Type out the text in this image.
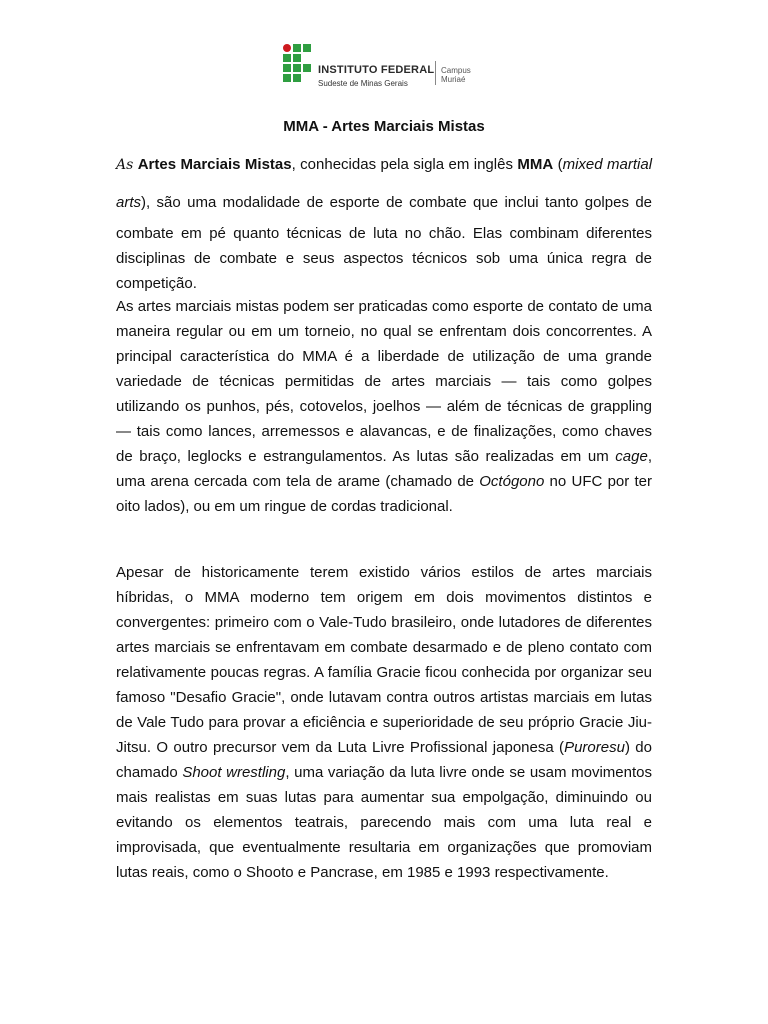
INSTITUTO FEDERAL
Sudeste de Minas Gerais
Campus
Muriaé
MMA - Artes Marciais Mistas

As Artes Marciais Mistas, conhecidas pela sigla em inglês MMA (mixed martial arts), são uma modalidade de esporte de combate que inclui tanto golpes de combate em pé quanto técnicas de luta no chão. Elas combinam diferentes disciplinas de combate e seus aspectos técnicos sob uma única regra de competição.

As artes marciais mistas podem ser praticadas como esporte de contato de uma maneira regular ou em um torneio, no qual se enfrentam dois concorrentes. A principal característica do MMA é a liberdade de utilização de uma grande variedade de técnicas permitidas de artes marciais — tais como golpes utilizando os punhos, pés, cotovelos, joelhos — além de técnicas de grappling — tais como lances, arremessos e alavancas, e de finalizações, como chaves de braço, leglocks e estrangulamentos. As lutas são realizadas em um cage, uma arena cercada com tela de arame (chamado de Octógono no UFC por ter oito lados), ou em um ringue de cordas tradicional.

Apesar de historicamente terem existido vários estilos de artes marciais híbridas, o MMA moderno tem origem em dois movimentos distintos e convergentes: primeiro com o Vale-Tudo brasileiro, onde lutadores de diferentes artes marciais se enfrentavam em combate desarmado e de pleno contato com relativamente poucas regras. A família Gracie ficou conhecida por organizar seu famoso "Desafio Gracie", onde lutavam contra outros artistas marciais em lutas de Vale Tudo para provar a eficiência e superioridade de seu próprio Gracie Jiu-Jitsu. O outro precursor vem da Luta Livre Profissional japonesa (Puroresu) do chamado Shoot wrestling, uma variação da luta livre onde se usam movimentos mais realistas em suas lutas para aumentar sua empolgação, diminuindo ou evitando os elementos teatrais, parecendo mais com uma luta real e improvisada, que eventualmente resultaria em organizações que promoviam lutas reais, como o Shooto e Pancrase, em 1985 e 1993 respectivamente.
